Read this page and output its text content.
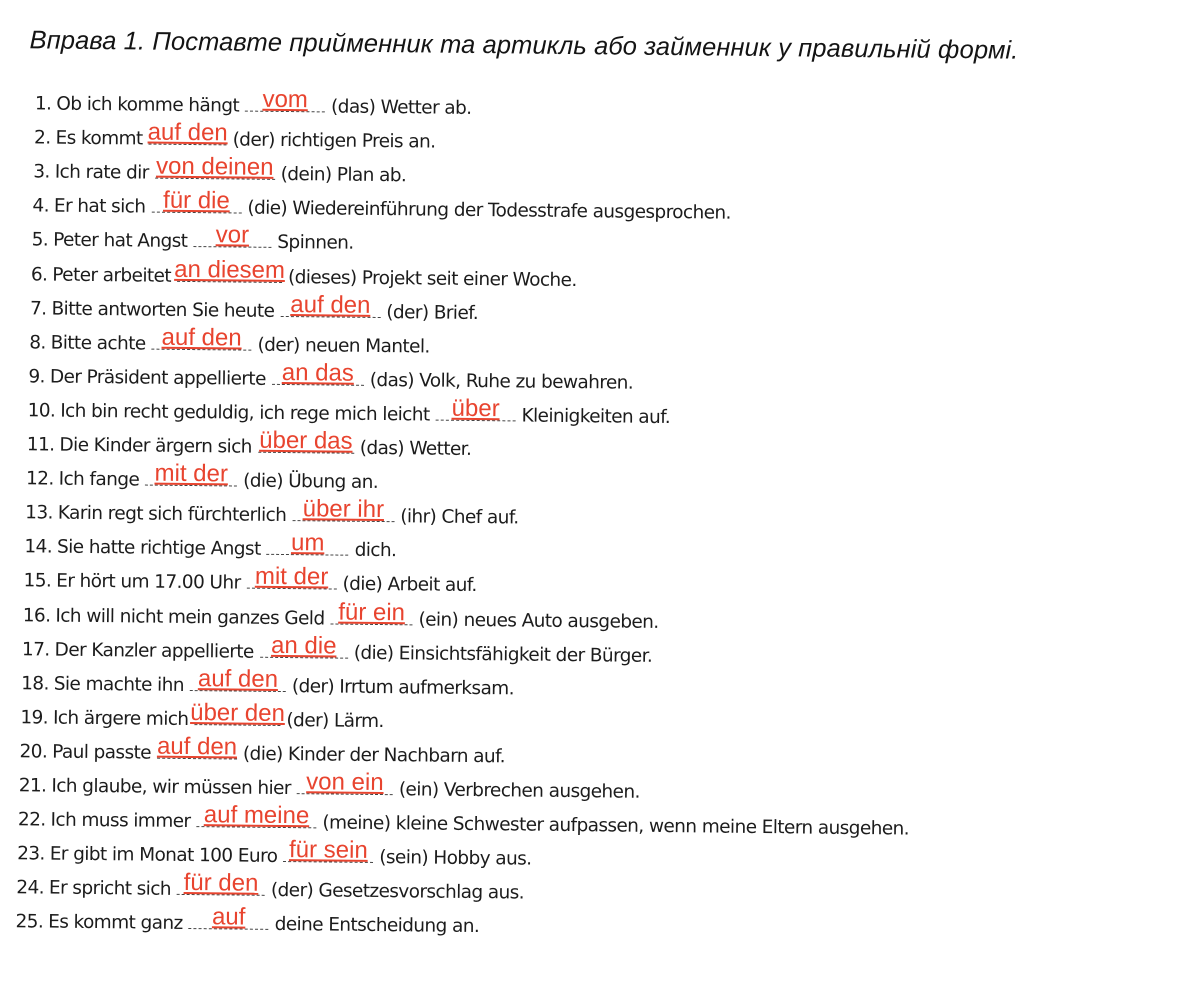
Вправа 1. Поставте прийменник та артикль або займенник у правильній формі.
1. Ob ich komme hängt vom (das) Wetter ab.
2. Es kommt auf den (der) richtigen Preis an.
3. Ich rate dir von deinen (dein) Plan ab.
4. Er hat sich für die (die) Wiedereinführung der Todesstrafe ausgesprochen.
5. Peter hat Angst vor Spinnen.
6. Peter arbeitet an diesem (dieses) Projekt seit einer Woche.
7. Bitte antworten Sie heute auf den (der) Brief.
8. Bitte achte auf den (der) neuen Mantel.
9. Der Präsident appellierte an das (das) Volk, Ruhe zu bewahren.
10. Ich bin recht geduldig, ich rege mich leicht über Kleinigkeiten auf.
11. Die Kinder ärgern sich über das (das) Wetter.
12. Ich fange mit der (die) Übung an.
13. Karin regt sich fürchterlich über ihr (ihr) Chef auf.
14. Sie hatte richtige Angst um dich.
15. Er hört um 17.00 Uhr mit der (die) Arbeit auf.
16. Ich will nicht mein ganzes Geld für ein (ein) neues Auto ausgeben.
17. Der Kanzler appellierte an die (die) Einsichtsfähigkeit der Bürger.
18. Sie machte ihn auf den (der) Irrtum aufmerksam.
19. Ich ärgere mich über den (der) Lärm.
20. Paul passte auf den (die) Kinder der Nachbarn auf.
21. Ich glaube, wir müssen hier von ein (ein) Verbrechen ausgehen.
22. Ich muss immer auf meine (meine) kleine Schwester aufpassen, wenn meine Eltern ausgehen.
23. Er gibt im Monat 100 Euro für sein (sein) Hobby aus.
24. Er spricht sich für den (der) Gesetzesvorschlag aus.
25. Es kommt ganz auf deine Entscheidung an.
